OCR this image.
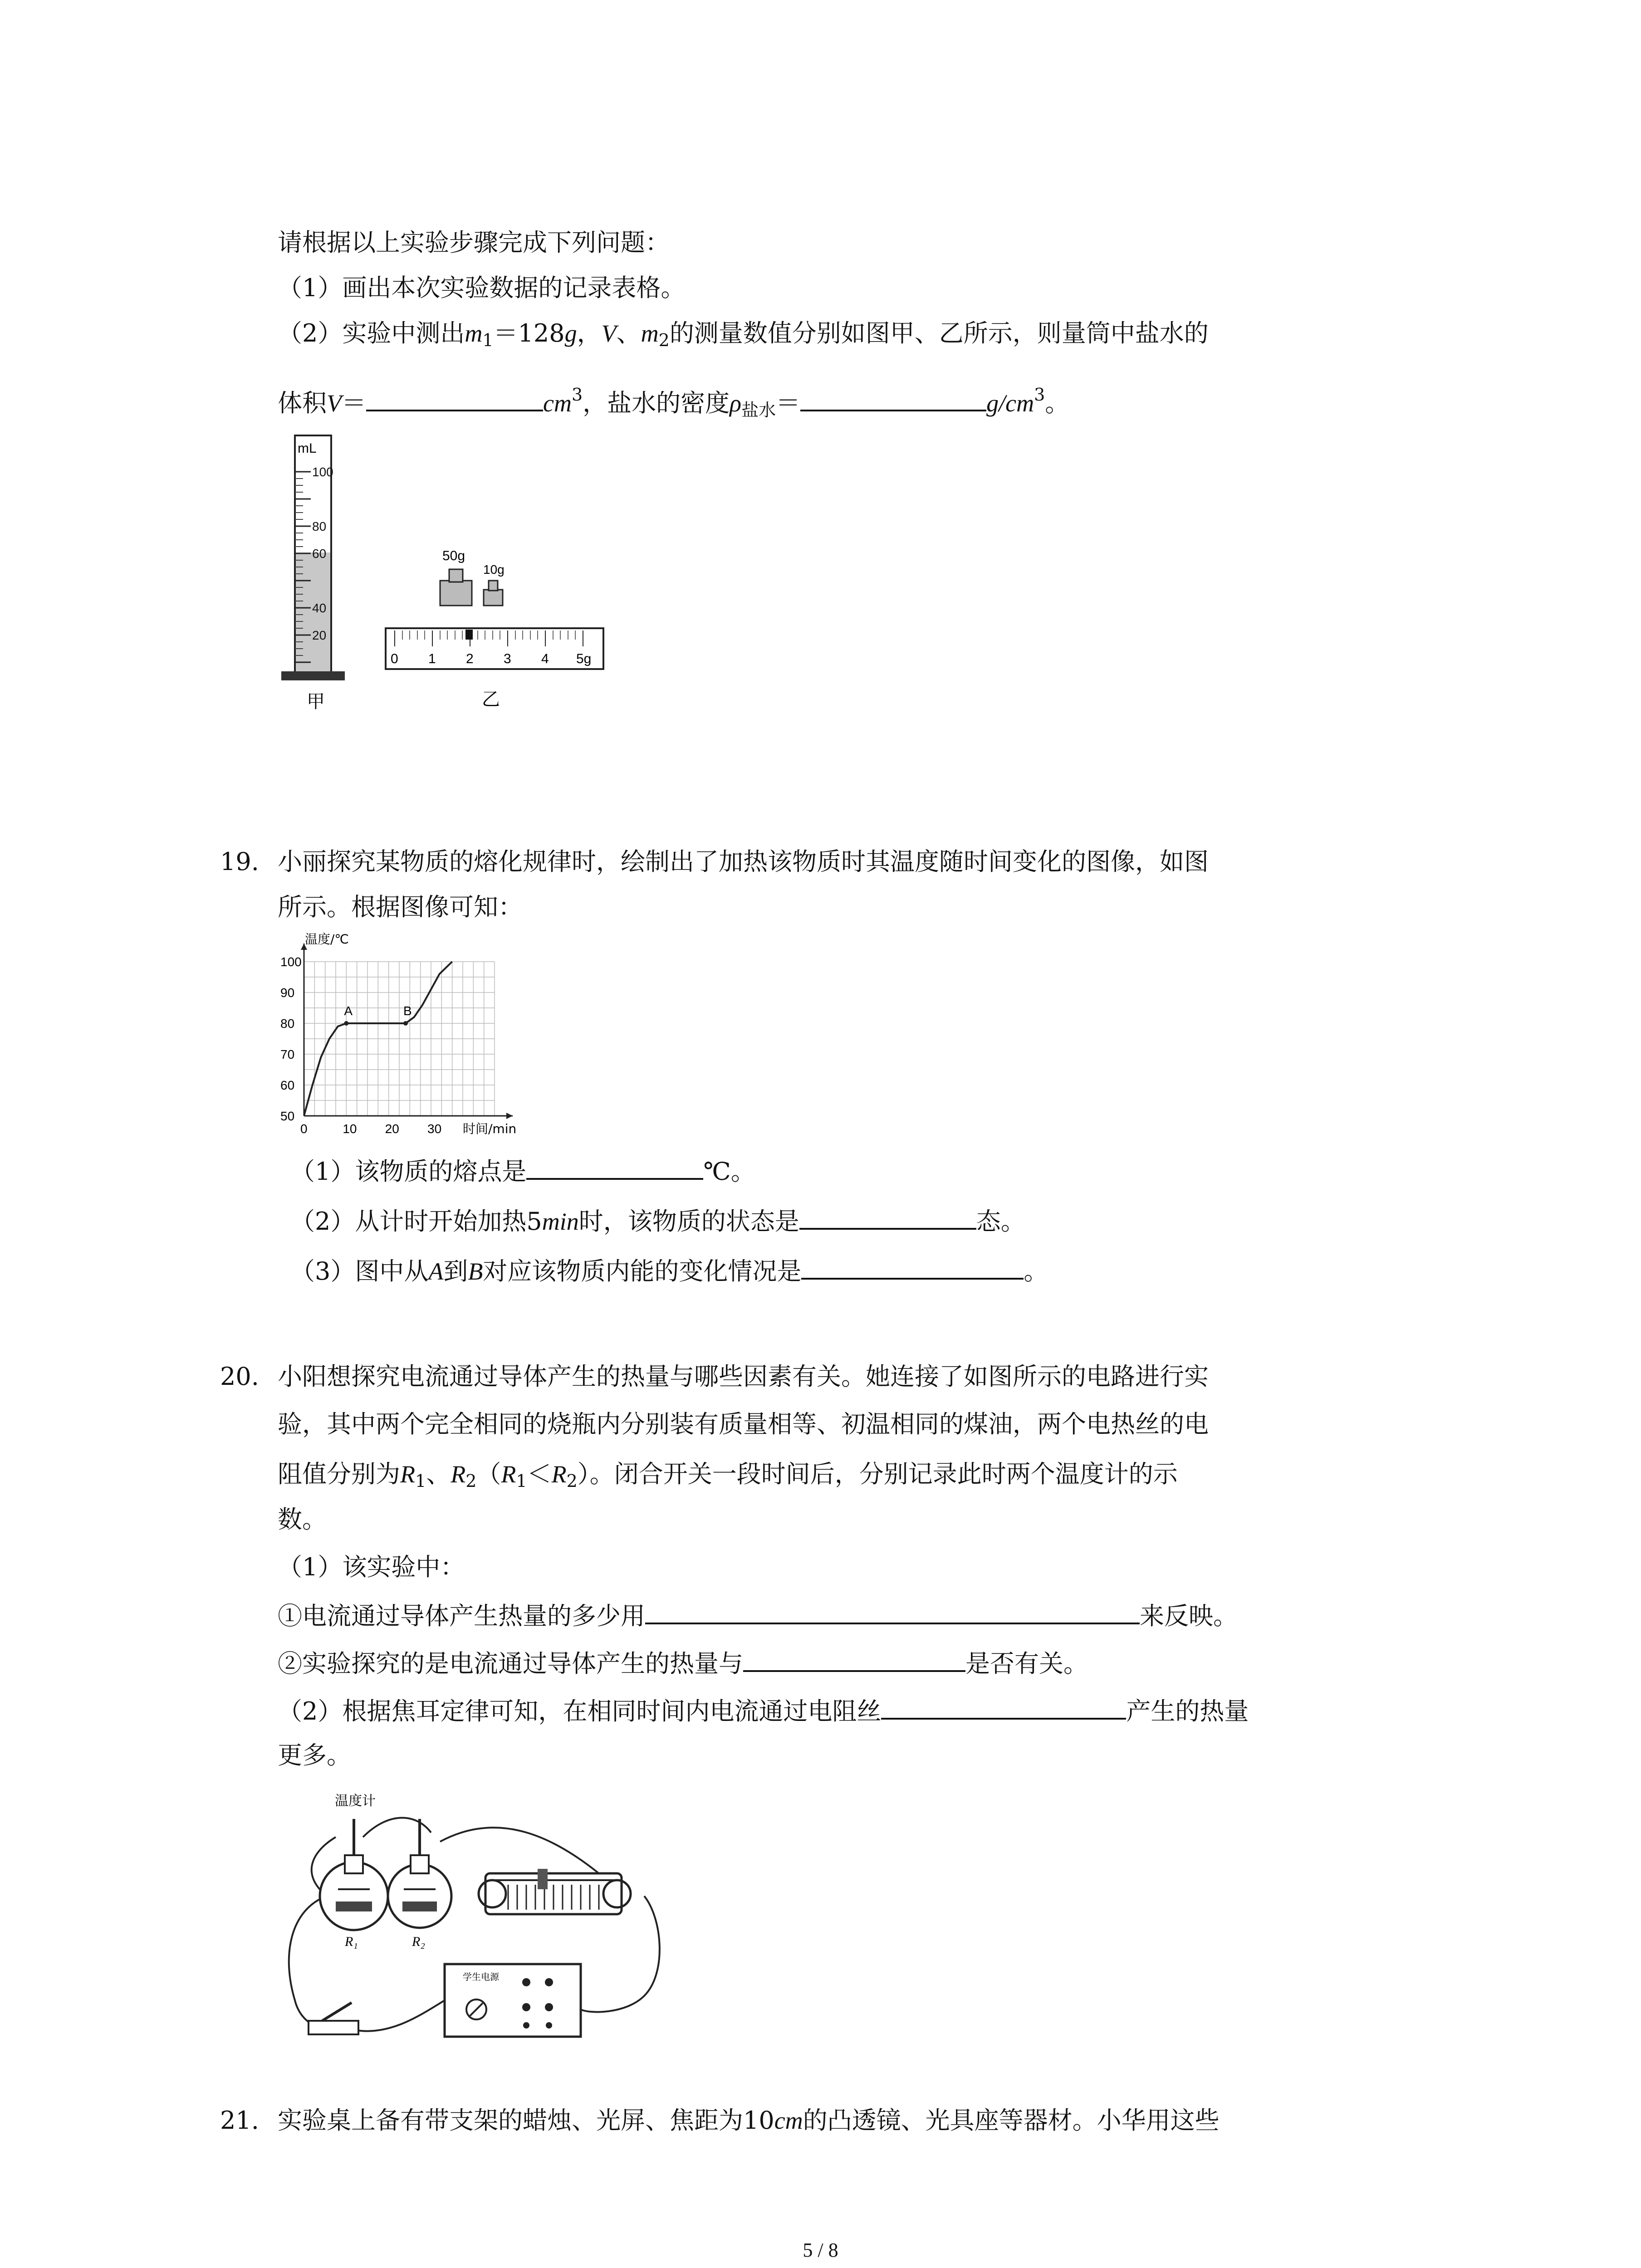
请根据以上实验步骤完成下列问题：
（1）画出本次实验数据的记录表格。
（2）实验中测出$m_1=128g$，V、$m_2$的测量数值分别如图甲、乙所示，则量筒中盐水的
体积V＝	$cm^3$，盐水的密度$\rho_{盐水}=$	$g/cm^3$。
mL
100
80
60
40
20
甲
50g
10g
0 1 2 3 4 5g
乙
19. 小丽探究某物质的熔化规律时，绘制出了加热该物质时其温度随时间变化的图像，如图
所示。根据图像可知：
0	10 20 30
50
60
70
80
90
100
温度/℃
时间/min
A	B
（1）该物质的熔点是	℃。
（2）从计时开始加热5min时，该物质的状态是	态。
（3）图中从A到B对应该物质内能的变化情况是	。
20. 小阳想探究电流通过导体产生的热量与哪些因素有关。她连接了如图所示的电路进行实
验，其中两个完全相同的烧瓶内分别装有质量相等、初温相同的煤油，两个电热丝的电
阻值分别为$R_1$、$R_2(R_1<R_2)$。闭合开关一段时间后，分别记录此时两个温度计的示
数。
（1）该实验中：
①电流通过导体产生热量的多少用	来反映。
②实验探究的是电流通过导体产生的热量与	是否有关。
（2）根据焦耳定律可知，在相同时间内电流通过电阻丝	产生的热量
更多。
温度计
R₁	R₂
学生电源
21. 实验桌上备有带支架的蜡烛、光屏、焦距为10cm的凸透镜、光具座等器材。小华用这些
5 / 8
